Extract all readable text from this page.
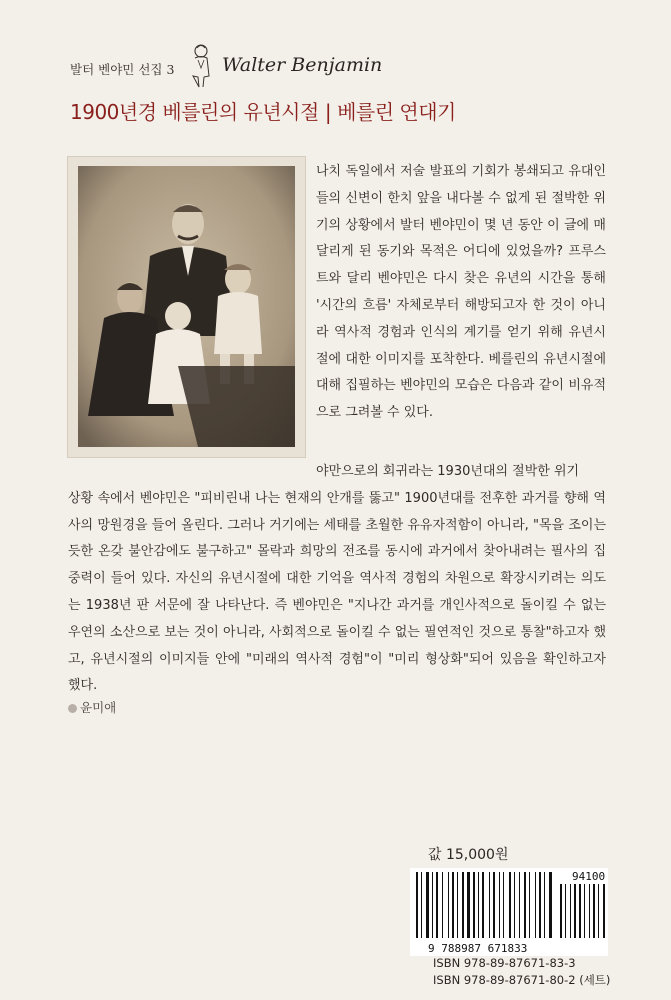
발터 벤야민 선집 3	Walter Benjamin
1900년경 베를린의 유년시절 | 베를린 연대기
나치 독일에서 저술 발표의 기회가 봉쇄되고 유대인들의 신변이 한치 앞을 내다볼 수 없게 된 절박한 위기의 상황에서 발터 벤야민이 몇 년 동안 이 글에 매달리게 된 동기와 목적은 어디에 있었을까? 프루스트와 달리 벤야민은 다시 찾은 유년의 시간을 통해 '시간의 흐름' 자체로부터 해방되고자 한 것이 아니라 역사적 경험과 인식의 계기를 얻기 위해 유년시절에 대한 이미지를 포착한다. 베를린의 유년시절에 대해 집필하는 벤야민의 모습은 다음과 같이 비유적으로 그려볼 수 있다.
야만으로의 회귀라는 1930년대의 절박한 위기
상황 속에서 벤야민은 "피비린내 나는 현재의 안개를 뚫고" 1900년대를 전후한 과거를 향해 역사의 망원경을 들어 올린다. 그러나 거기에는 세태를 초월한 유유자적함이 아니라, "목을 조이는 듯한 온갖 불안감에도 불구하고" 몰락과 희망의 전조를 동시에 과거에서 찾아내려는 필사의 집중력이 들어 있다. 자신의 유년시절에 대한 기억을 역사적 경험의 차원으로 확장시키려는 의도는 1938년 판 서문에 잘 나타난다. 즉 벤야민은 "지나간 과거를 개인사적으로 돌이킬 수 없는 우연의 소산으로 보는 것이 아니라, 사회적으로 돌이킬 수 없는 필연적인 것으로 통찰"하고자 했고, 유년시절의 이미지들 안에 "미래의 역사적 경험"이 "미리 형상화"되어 있음을 확인하고자 했다.
윤미애
값 15,000원
94100
9 788987 671833
ISBN 978-89-87671-83-3
ISBN 978-89-87671-80-2 (세트)
